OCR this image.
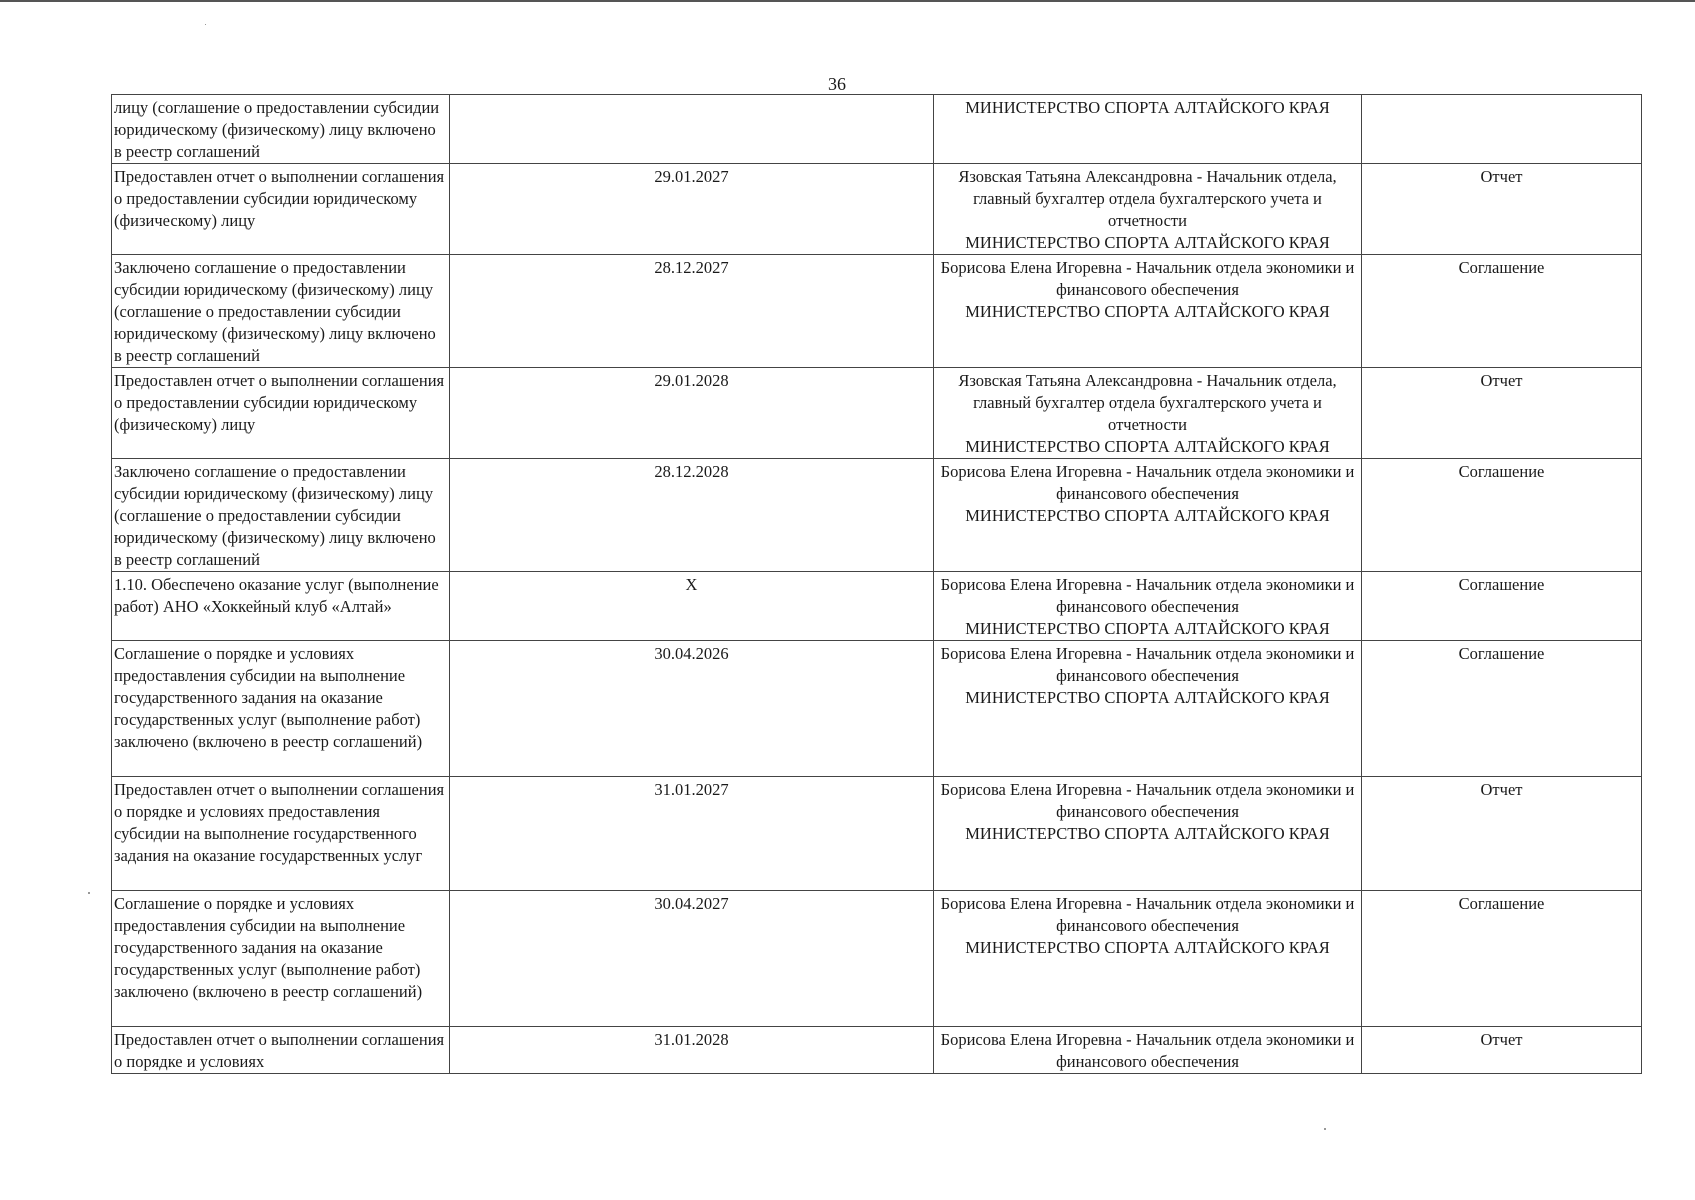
36
лицу (соглашение о предоставлении субсидии юридическому (физическому) лицу включено в реестр соглашений		МИНИСТЕРСТВО СПОРТА АЛТАЙСКОГО КРАЯ	

Предоставлен отчет о выполнении соглашения о предоставлении субсидии юридическому (физическому) лицу	29.01.2027	Язовская Татьяна Александровна - Начальник отдела, главный бухгалтер отдела бухгалтерского учета и отчетности
МИНИСТЕРСТВО СПОРТА АЛТАЙСКОГО КРАЯ	Отчет
Заключено соглашение о предоставлении субсидии юридическому (физическому) лицу (соглашение о предоставлении субсидии юридическому (физическому) лицу включено в реестр соглашений	28.12.2027	Борисова Елена Игоревна - Начальник отдела экономики и финансового обеспечения
МИНИСТЕРСТВО СПОРТА АЛТАЙСКОГО КРАЯ	Соглашение
Предоставлен отчет о выполнении соглашения о предоставлении субсидии юридическому (физическому) лицу	29.01.2028	Язовская Татьяна Александровна - Начальник отдела, главный бухгалтер отдела бухгалтерского учета и отчетности
МИНИСТЕРСТВО СПОРТА АЛТАЙСКОГО КРАЯ	Отчет
Заключено соглашение о предоставлении субсидии юридическому (физическому) лицу (соглашение о предоставлении субсидии юридическому (физическому) лицу включено в реестр соглашений	28.12.2028	Борисова Елена Игоревна - Начальник отдела экономики и финансового обеспечения
МИНИСТЕРСТВО СПОРТА АЛТАЙСКОГО КРАЯ	Соглашение
1.10. Обеспечено оказание услуг (выполнение работ) АНО «Хоккейный клуб «Алтай»	X	Борисова Елена Игоревна - Начальник отдела экономики и финансового обеспечения
МИНИСТЕРСТВО СПОРТА АЛТАЙСКОГО КРАЯ	Соглашение
Соглашение о порядке и условиях предоставления субсидии на выполнение государственного задания на оказание государственных услуг (выполнение работ) заключено (включено в реестр соглашений)	30.04.2026	Борисова Елена Игоревна - Начальник отдела экономики и финансового обеспечения
МИНИСТЕРСТВО СПОРТА АЛТАЙСКОГО КРАЯ	Соглашение
Предоставлен отчет о выполнении соглашения о порядке и условиях предоставления субсидии на выполнение государственного задания на оказание государственных услуг	31.01.2027	Борисова Елена Игоревна - Начальник отдела экономики и финансового обеспечения
МИНИСТЕРСТВО СПОРТА АЛТАЙСКОГО КРАЯ	Отчет
Соглашение о порядке и условиях предоставления субсидии на выполнение государственного задания на оказание государственных услуг (выполнение работ) заключено (включено в реестр соглашений)	30.04.2027	Борисова Елена Игоревна - Начальник отдела экономики и финансового обеспечения
МИНИСТЕРСТВО СПОРТА АЛТАЙСКОГО КРАЯ	Соглашение
Предоставлен отчет о выполнении соглашения о порядке и условиях	31.01.2028	Борисова Елена Игоревна - Начальник отдела экономики и финансового обеспечения	Отчет
